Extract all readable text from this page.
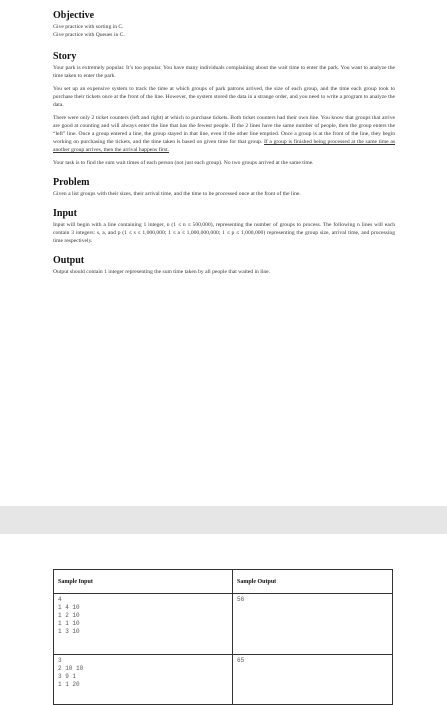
Objective

Give practice with sorting in C.

Give practice with Queues in C.

Story

Your park is extremely popular. It’s too popular. You have many individuals complaining about the wait time to enter the park. You want to analyze the time taken to enter the park.

You set up an expensive system to track the time at which groups of park patrons arrived, the size of each group, and the time each group took to purchase their tickets once at the front of the line. However, the system stored the data in a strange order, and you need to write a program to analyze the data.

There were only 2 ticket counters (left and right) at which to purchase tickets. Both ticket counters had their own line. You know that groups that arrive are good at counting and will always enter the line that has the fewest people. If the 2 lines have the same number of people, then the group enters the “left” line. Once a group entered a line, the group stayed in that line, even if the other line emptied. Once a group is at the front of the line, they begin working on purchasing the tickets, and the time taken is based on given time for that group. If a group is finished being processed at the same time as another group arrives, then the arrival happens first.

Your task is to find the sum wait times of each person (not just each group). No two groups arrived at the same time.

Problem

Given a list groups with their sizes, their arrival time, and the time to be processed once at the front of the line.

Input

Input will begin with a line containing 1 integer, n (1 ≤ n ≤ 500,000), representing the number of groups to process. The following n lines will each contain 3 integers: s, a, and p (1 ≤ s ≤ 1,000,000; 1 ≤ a ≤ 1,000,000,000; 1 ≤ p ≤ 1,000,000) representing the group size, arrival time, and processing time respectively.

Output

Output should contain 1 integer representing the sum time taken by all people that waited in line.

Sample Input	Sample Output

4
1 4 10
1 2 10
1 1 10
1 3 10	56

3
2 10 10
3 9 1
1 1 20	65
